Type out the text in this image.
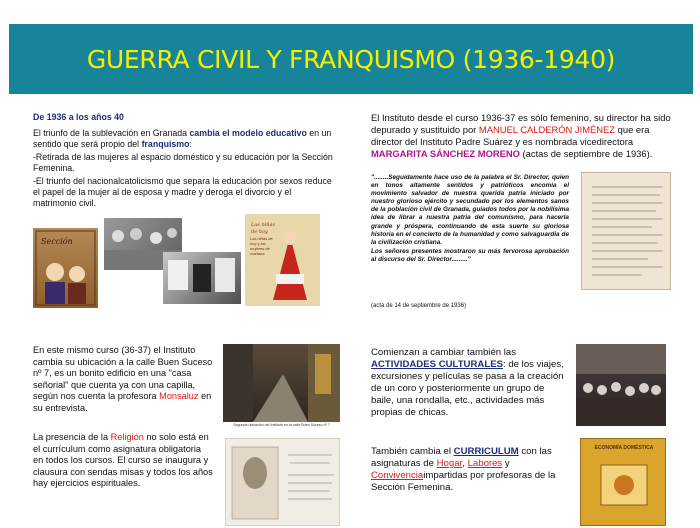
GUERRA CIVIL Y FRANQUISMO (1936-1940)
De 1936 a los años 40
El triunfo de la sublevación en Granada cambia el modelo educativo en un sentido que será propio del franquismo:
-Retirada de las mujeres al espacio doméstico y su educación por la Sección Femenina.
-El triunfo del nacionalcatolicismo que separa la educación por sexos reduce el papel de la mujer al de esposa y madre y deroga el divorcio y el matrimonio civil.
Sección
Las niñas
de hoy
Las niñas de hoy y las mujeres de mañana
El Instituto desde el curso 1936-37 es sólo femenino, su director ha sido depurado y sustituido por MANUEL CALDERÓN JIMÉNEZ que era director del Instituto Padre Suárez y es nombrada vicedirectora MARGARITA SÁNCHEZ MORENO (actas de septiembre de 1936).
"........Seguidamente hace uso de la palabra el Sr. Director, quien en tonos altamente sentidos y patrióticos encomia el movimiento salvador de nuestra querida patria iniciado por nuestro glorioso ejército y secundado por los elementos sanos de la población civil de Granada, guiados todos por la nobilísima idea de librar a nuestra patria del comunismo, para hacerla grande y próspera, continuando de esta suerte su gloriosa historia en el concierto de la humanidad y como salvaguardia de la civilización cristiana.
Los señores presentes mostraron su más fervorosa aprobación al discurso del Sr. Director........."
(acta de 14 de septiembre de 1936)
En este mismo curso (36-37) el Instituto cambia su ubicación a la calle Buen Suceso nº 7, es un bonito edificio en una "casa señorial" que cuenta ya con una capilla, según nos cuenta la profesora Monsaluz en su entrevista.
La presencia de la Religión no solo está en el currículum como asignatura obligatoria en todos los cursos. El curso se inaugura y clausura con sendas misas y todos los años hay ejercicios espirituales.
Segunda ubicación del Instituto en la calle Buen Suceso nº 7
Comienzan a cambiar también las ACTIVIDADES CULTURALES: de los viajes, excursiones y películas se pasa a la creación de un coro y posteriormente un grupo de baile, una rondalla, etc., actividades más propias de chicas.
También cambia el CURRICULUM con las asignaturas de Hogar, Labores y Convivenciaimpartidas por profesoras de la Sección Femenina.
ECONOMÍA DOMÉSTICA
